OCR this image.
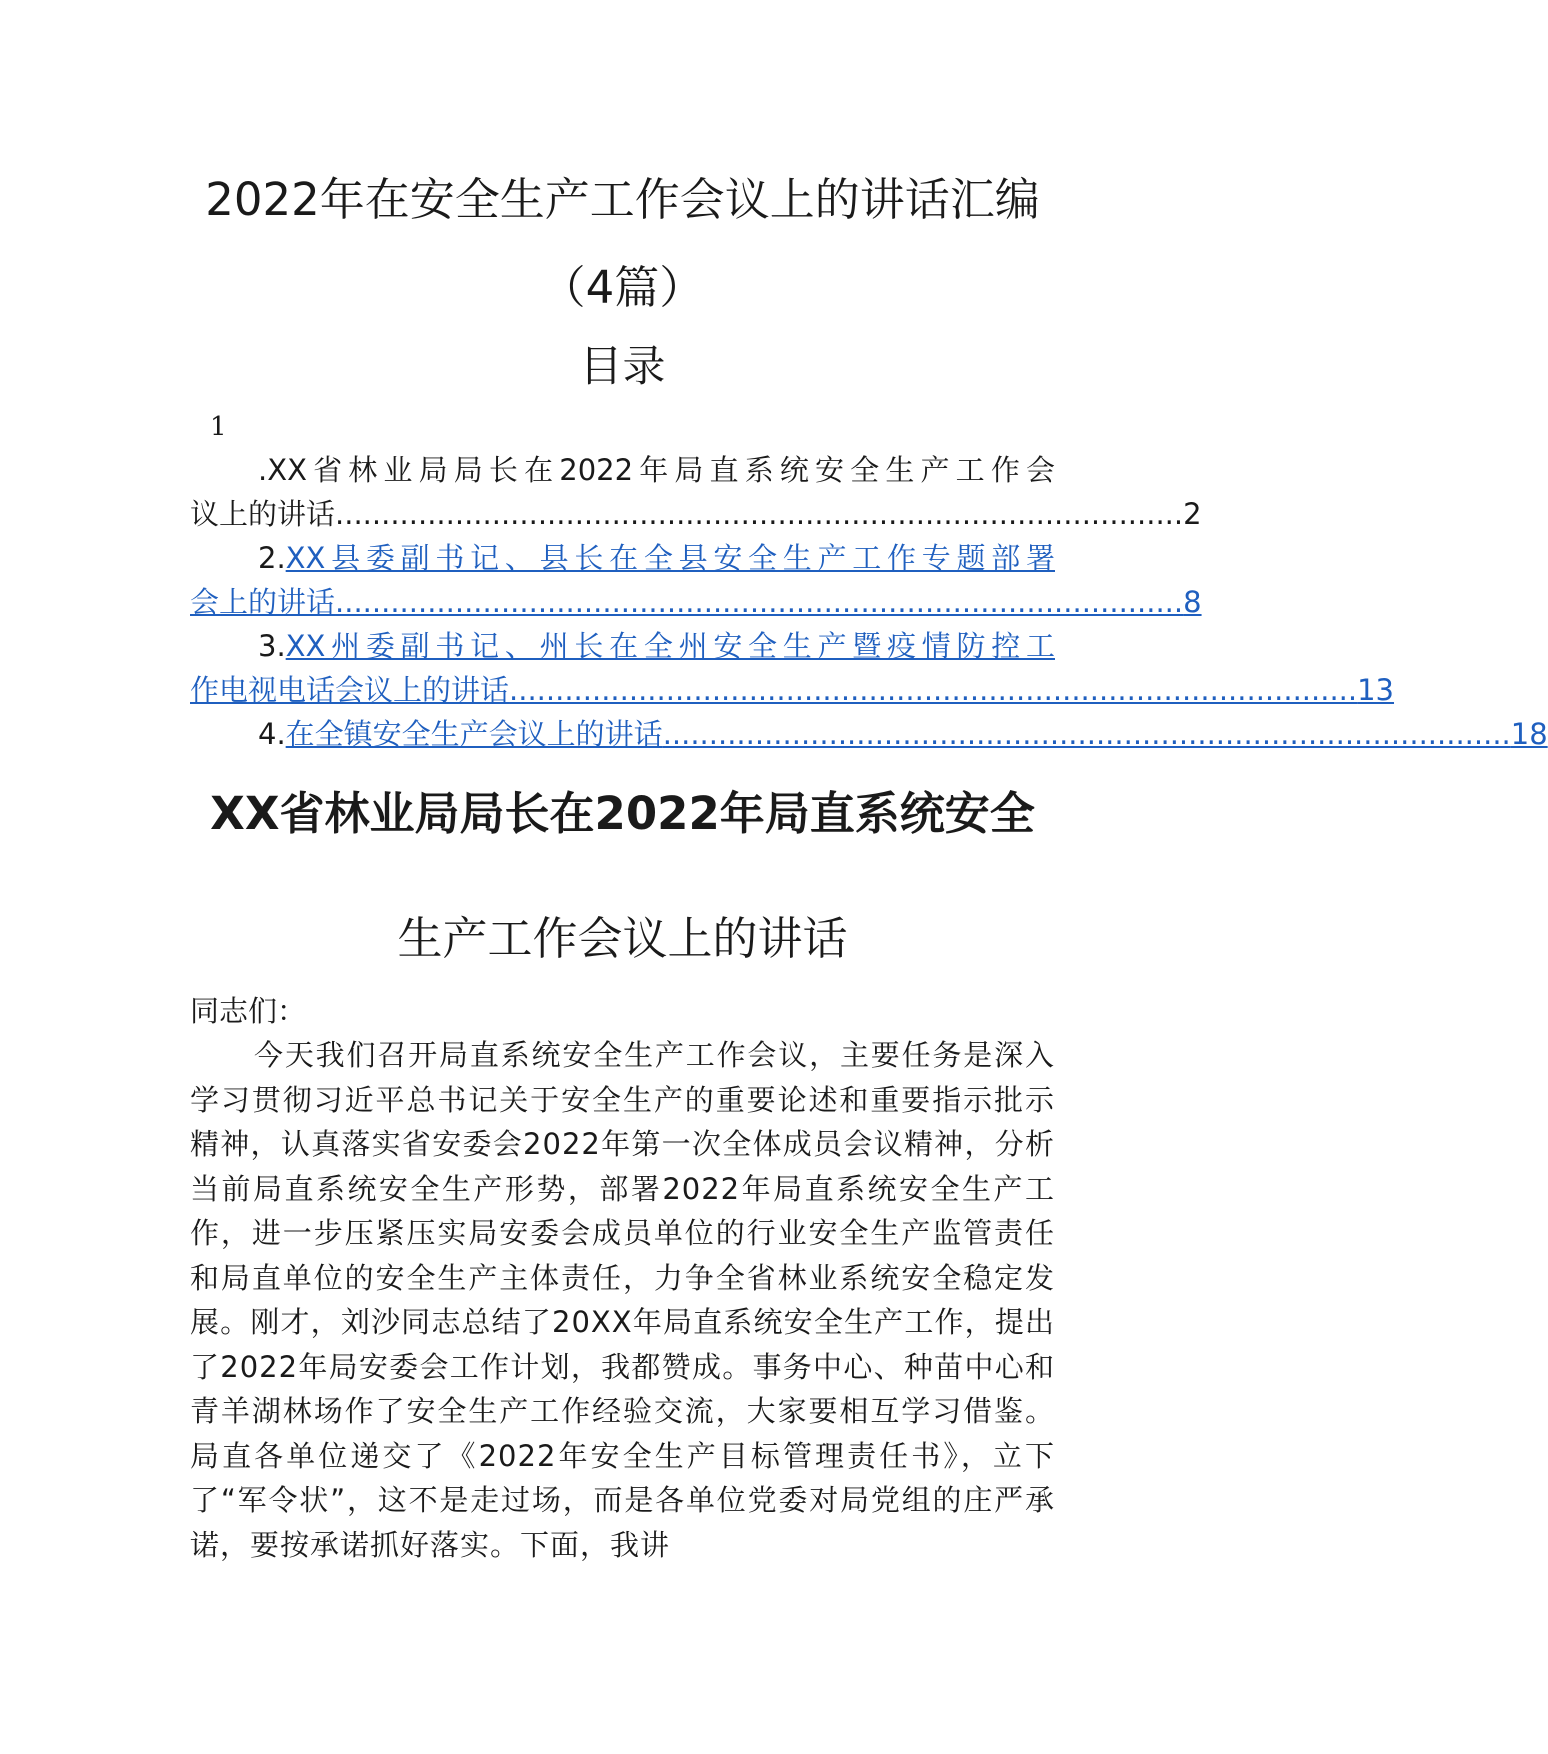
2022年在安全生产工作会议上的讲话汇编
（4篇）
目录
1
.XX省林业局局长在2022年局直系统安全生产工作会
议上的讲话............................................................................................ 2
2.XX县委副书记、县长在全县安全生产工作专题部署
会上的讲话............................................................................................ 8
3.XX州委副书记、州长在全州安全生产暨疫情防控工
作电视电话会议上的讲话............................................................................................ 13
4. 在全镇安全生产会议上的讲话............................................................................................ 18
XX省林业局局长在2022年局直系统安全
生产工作会议上的讲话
同志们：

今天我们召开局直系统安全生产工作会议，主要任务是深入学习贯彻习近平总书记关于安全生产的重要论述和重要指示批示精神，认真落实省安委会2022年第一次全体成员会议精神，分析当前局直系统安全生产形势，部署2022年局直系统安全生产工作，进一步压紧压实局安委会成员单位的行业安全生产监管责任和局直单位的安全生产主体责任，力争全省林业系统安全稳定发展。刚才，刘沙同志总结了20XX年局直系统安全生产工作，提出了2022年局安委会工作计划，我都赞成。事务中心、种苗中心和青羊湖林场作了安全生产工作经验交流，大家要相互学习借鉴。局直各单位递交了《2022年安全生产目标管理责任书》，立下了“军令状”，这不是走过场，而是各单位党委对局党组的庄严承诺，要按承诺抓好落实。下面，我讲
